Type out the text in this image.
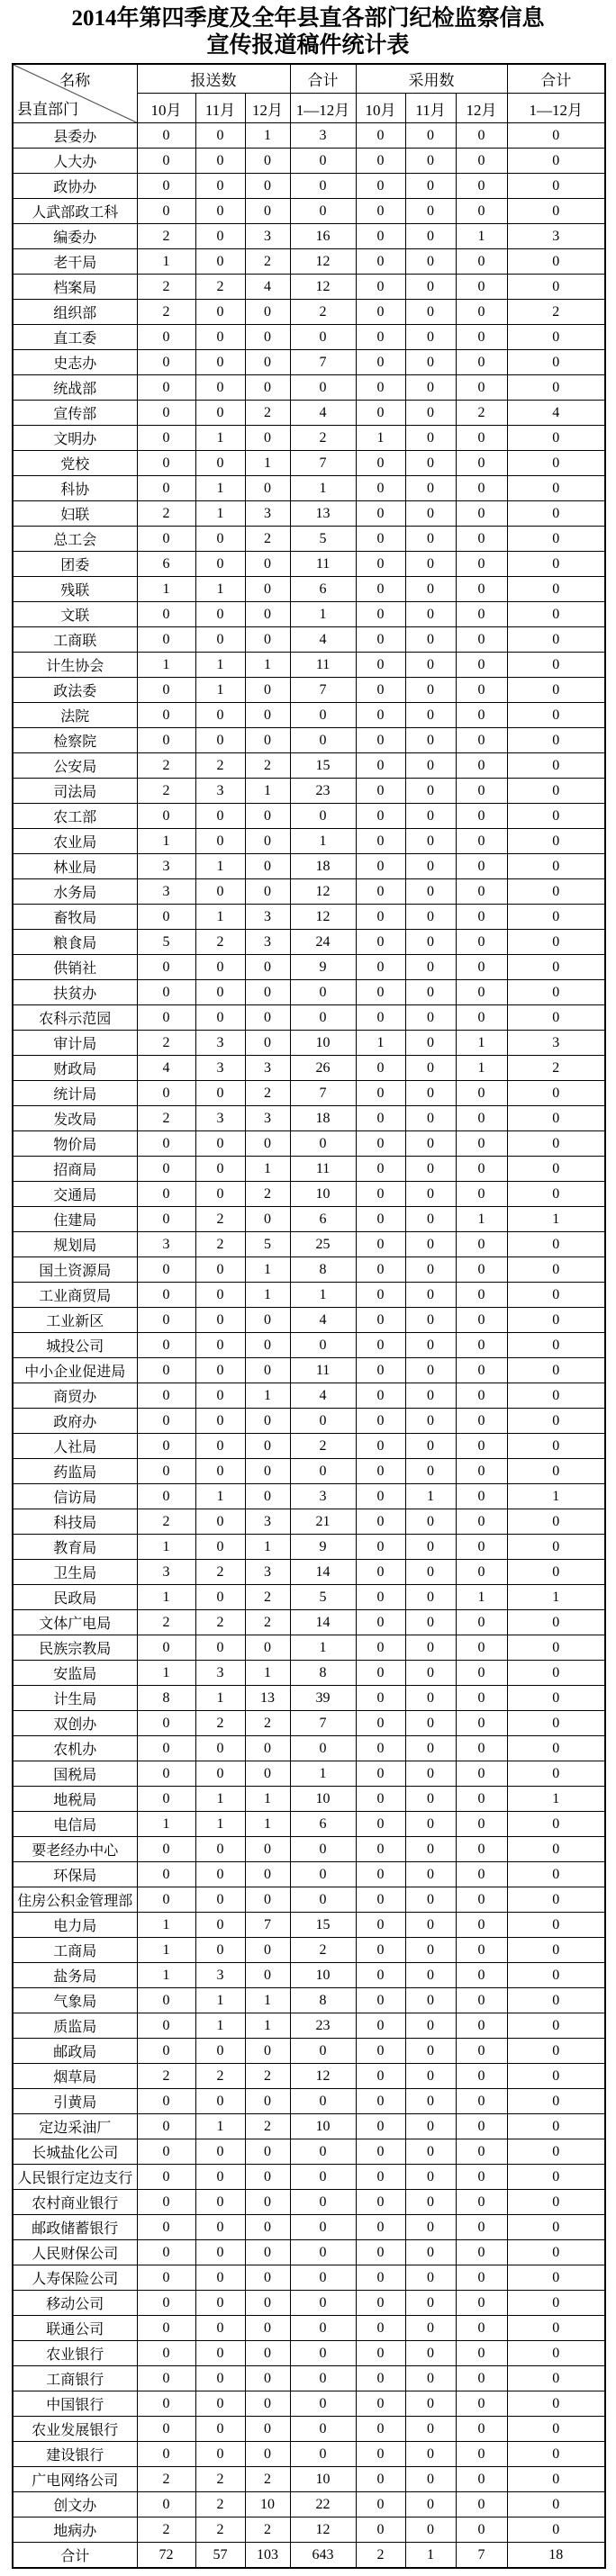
2014年第四季度及全年县直各部门纪检监察信息
宣传报道稿件统计表
名称
县直部门	报送数			合计	采用数			合计
	10月	11月	12月	1—12月	10月	11月	12月	1—12月
县委办	0	0	1	3	0	0	0	0
人大办	0	0	0	0	0	0	0	0
政协办	0	0	0	0	0	0	0	0
人武部政工科	0	0	0	0	0	0	0	0
编委办	2	0	3	16	0	0	1	3
老干局	1	0	2	12	0	0	0	0
档案局	2	2	4	12	0	0	0	0
组织部	2	0	0	2	0	0	0	2
直工委	0	0	0	0	0	0	0	0
史志办	0	0	0	7	0	0	0	0
统战部	0	0	0	0	0	0	0	0
宣传部	0	0	2	4	0	0	2	4
文明办	0	1	0	2	1	0	0	0
党校	0	0	1	7	0	0	0	0
科协	0	1	0	1	0	0	0	0
妇联	2	1	3	13	0	0	0	0
总工会	0	0	2	5	0	0	0	0
团委	6	0	0	11	0	0	0	0
残联	1	1	0	6	0	0	0	0
文联	0	0	0	1	0	0	0	0
工商联	0	0	0	4	0	0	0	0
计生协会	1	1	1	11	0	0	0	0
政法委	0	1	0	7	0	0	0	0
法院	0	0	0	0	0	0	0	0
检察院	0	0	0	0	0	0	0	0
公安局	2	2	2	15	0	0	0	0
司法局	2	3	1	23	0	0	0	0
农工部	0	0	0	0	0	0	0	0
农业局	1	0	0	1	0	0	0	0
林业局	3	1	0	18	0	0	0	0
水务局	3	0	0	12	0	0	0	0
畜牧局	0	1	3	12	0	0	0	0
粮食局	5	2	3	24	0	0	0	0
供销社	0	0	0	9	0	0	0	0
扶贫办	0	0	0	0	0	0	0	0
农科示范园	0	0	0	0	0	0	0	0
审计局	2	3	0	10	1	0	1	3
财政局	4	3	3	26	0	0	1	2
统计局	0	0	2	7	0	0	0	0
发改局	2	3	3	18	0	0	0	0
物价局	0	0	0	0	0	0	0	0
招商局	0	0	1	11	0	0	0	0
交通局	0	0	2	10	0	0	0	0
住建局	0	2	0	6	0	0	1	1
规划局	3	2	5	25	0	0	0	0
国土资源局	0	0	1	8	0	0	0	0
工业商贸局	0	0	1	1	0	0	0	0
工业新区	0	0	0	4	0	0	0	0
城投公司	0	0	0	0	0	0	0	0
中小企业促进局	0	0	0	11	0	0	0	0
商贸办	0	0	1	4	0	0	0	0
政府办	0	0	0	0	0	0	0	0
人社局	0	0	0	2	0	0	0	0
药监局	0	0	0	0	0	0	0	0
信访局	0	1	0	3	0	1	0	1
科技局	2	0	3	21	0	0	0	0
教育局	1	0	1	9	0	0	0	0
卫生局	3	2	3	14	0	0	0	0
民政局	1	0	2	5	0	0	1	1
文体广电局	2	2	2	14	0	0	0	0
民族宗教局	0	0	0	1	0	0	0	0
安监局	1	3	1	8	0	0	0	0
计生局	8	1	13	39	0	0	0	0
双创办	0	2	2	7	0	0	0	0
农机办	0	0	0	0	0	0	0	0
国税局	0	0	0	1	0	0	0	0
地税局	0	1	1	10	0	0	0	1
电信局	1	1	1	6	0	0	0	0
要老经办中心	0	0	0	0	0	0	0	0
环保局	0	0	0	0	0	0	0	0
住房公积金管理部	0	0	0	0	0	0	0	0
电力局	1	0	7	15	0	0	0	0
工商局	1	0	0	2	0	0	0	0
盐务局	1	3	0	10	0	0	0	0
气象局	0	1	1	8	0	0	0	0
质监局	0	1	1	23	0	0	0	0
邮政局	0	0	0	0	0	0	0	0
烟草局	2	2	2	12	0	0	0	0
引黄局	0	0	0	0	0	0	0	0
定边采油厂	0	1	2	10	0	0	0	0
长城盐化公司	0	0	0	0	0	0	0	0
人民银行定边支行	0	0	0	0	0	0	0	0
农村商业银行	0	0	0	0	0	0	0	0
邮政储蓄银行	0	0	0	0	0	0	0	0
人民财保公司	0	0	0	0	0	0	0	0
人寿保险公司	0	0	0	0	0	0	0	0
移动公司	0	0	0	0	0	0	0	0
联通公司	0	0	0	0	0	0	0	0
农业银行	0	0	0	0	0	0	0	0
工商银行	0	0	0	0	0	0	0	0
中国银行	0	0	0	0	0	0	0	0
农业发展银行	0	0	0	0	0	0	0	0
建设银行	0	0	0	0	0	0	0	0
广电网络公司	2	2	2	10	0	0	0	0
创文办	0	2	10	22	0	0	0	0
地病办	2	2	2	12	0	0	0	0
合计	72	57	103	643	2	1	7	18
